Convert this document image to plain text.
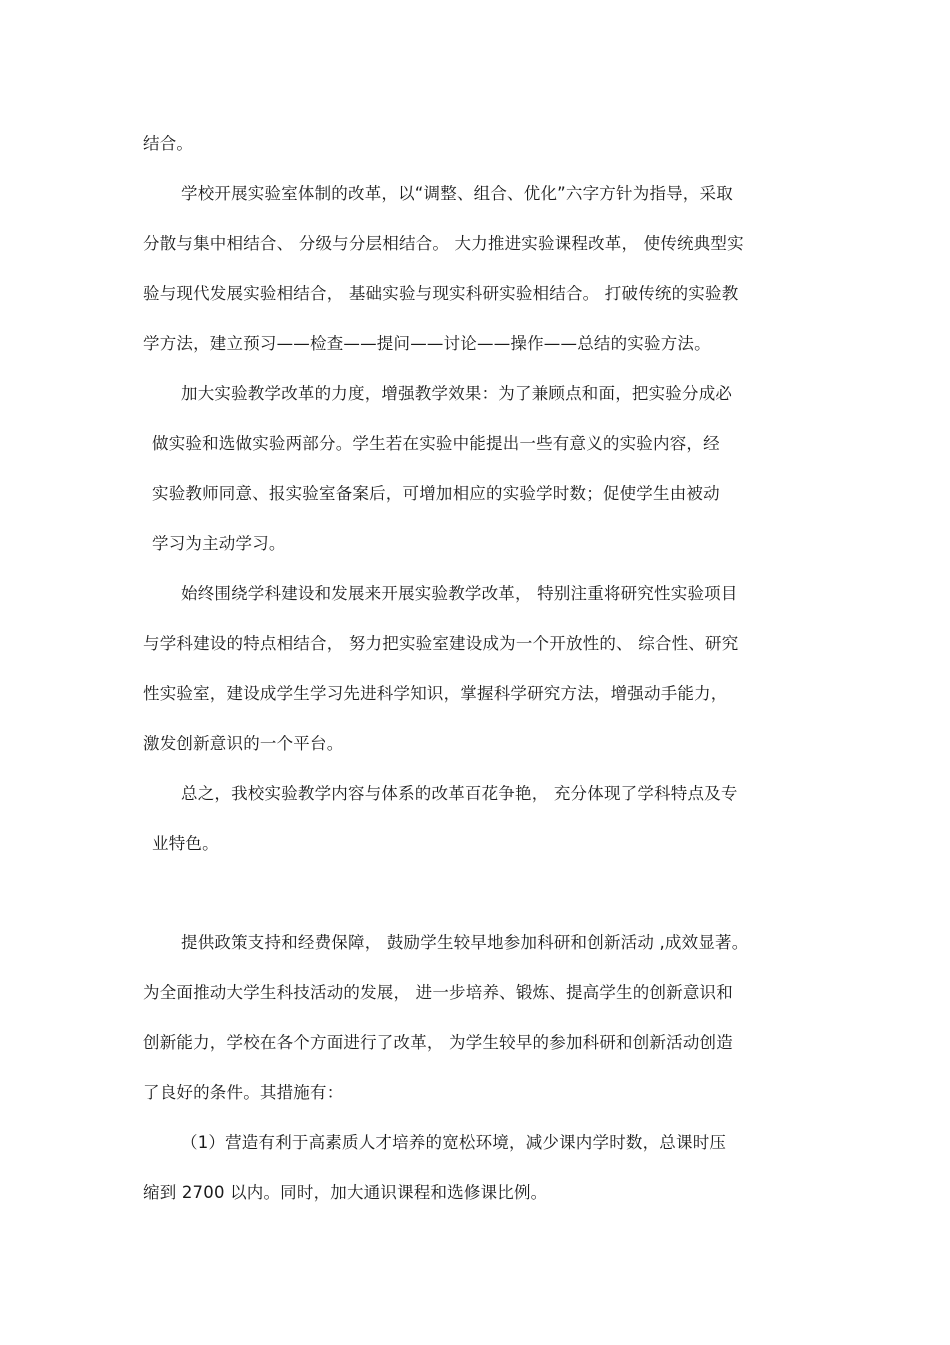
结合。
学校开展实验室体制的改革，以“调整、组合、优化”六字方针为指导，采取
分散与集中相结合、 分级与分层相结合。 大力推进实验课程改革， 使传统典型实
验与现代发展实验相结合， 基础实验与现实科研实验相结合。 打破传统的实验教
学方法，建立预习——检查——提问——讨论——操作——总结的实验方法。
加大实验教学改革的力度，增强教学效果：为了兼顾点和面，把实验分成必
做实验和选做实验两部分。学生若在实验中能提出一些有意义的实验内容，经
实验教师同意、报实验室备案后，可增加相应的实验学时数；促使学生由被动
学习为主动学习。
始终围绕学科建设和发展来开展实验教学改革， 特别注重将研究性实验项目
与学科建设的特点相结合， 努力把实验室建设成为一个开放性的、 综合性、研究
性实验室，建设成学生学习先进科学知识，掌握科学研究方法，增强动手能力，
激发创新意识的一个平台。
总之，我校实验教学内容与体系的改革百花争艳， 充分体现了学科特点及专
业特色。
提供政策支持和经费保障， 鼓励学生较早地参加科研和创新活动 ,成效显著。
为全面推动大学生科技活动的发展， 进一步培养、锻炼、提高学生的创新意识和
创新能力，学校在各个方面进行了改革， 为学生较早的参加科研和创新活动创造
了良好的条件。其措施有：
（1）营造有利于高素质人才培养的宽松环境，减少课内学时数，总课时压
缩到 2700 以内。同时，加大通识课程和选修课比例。
